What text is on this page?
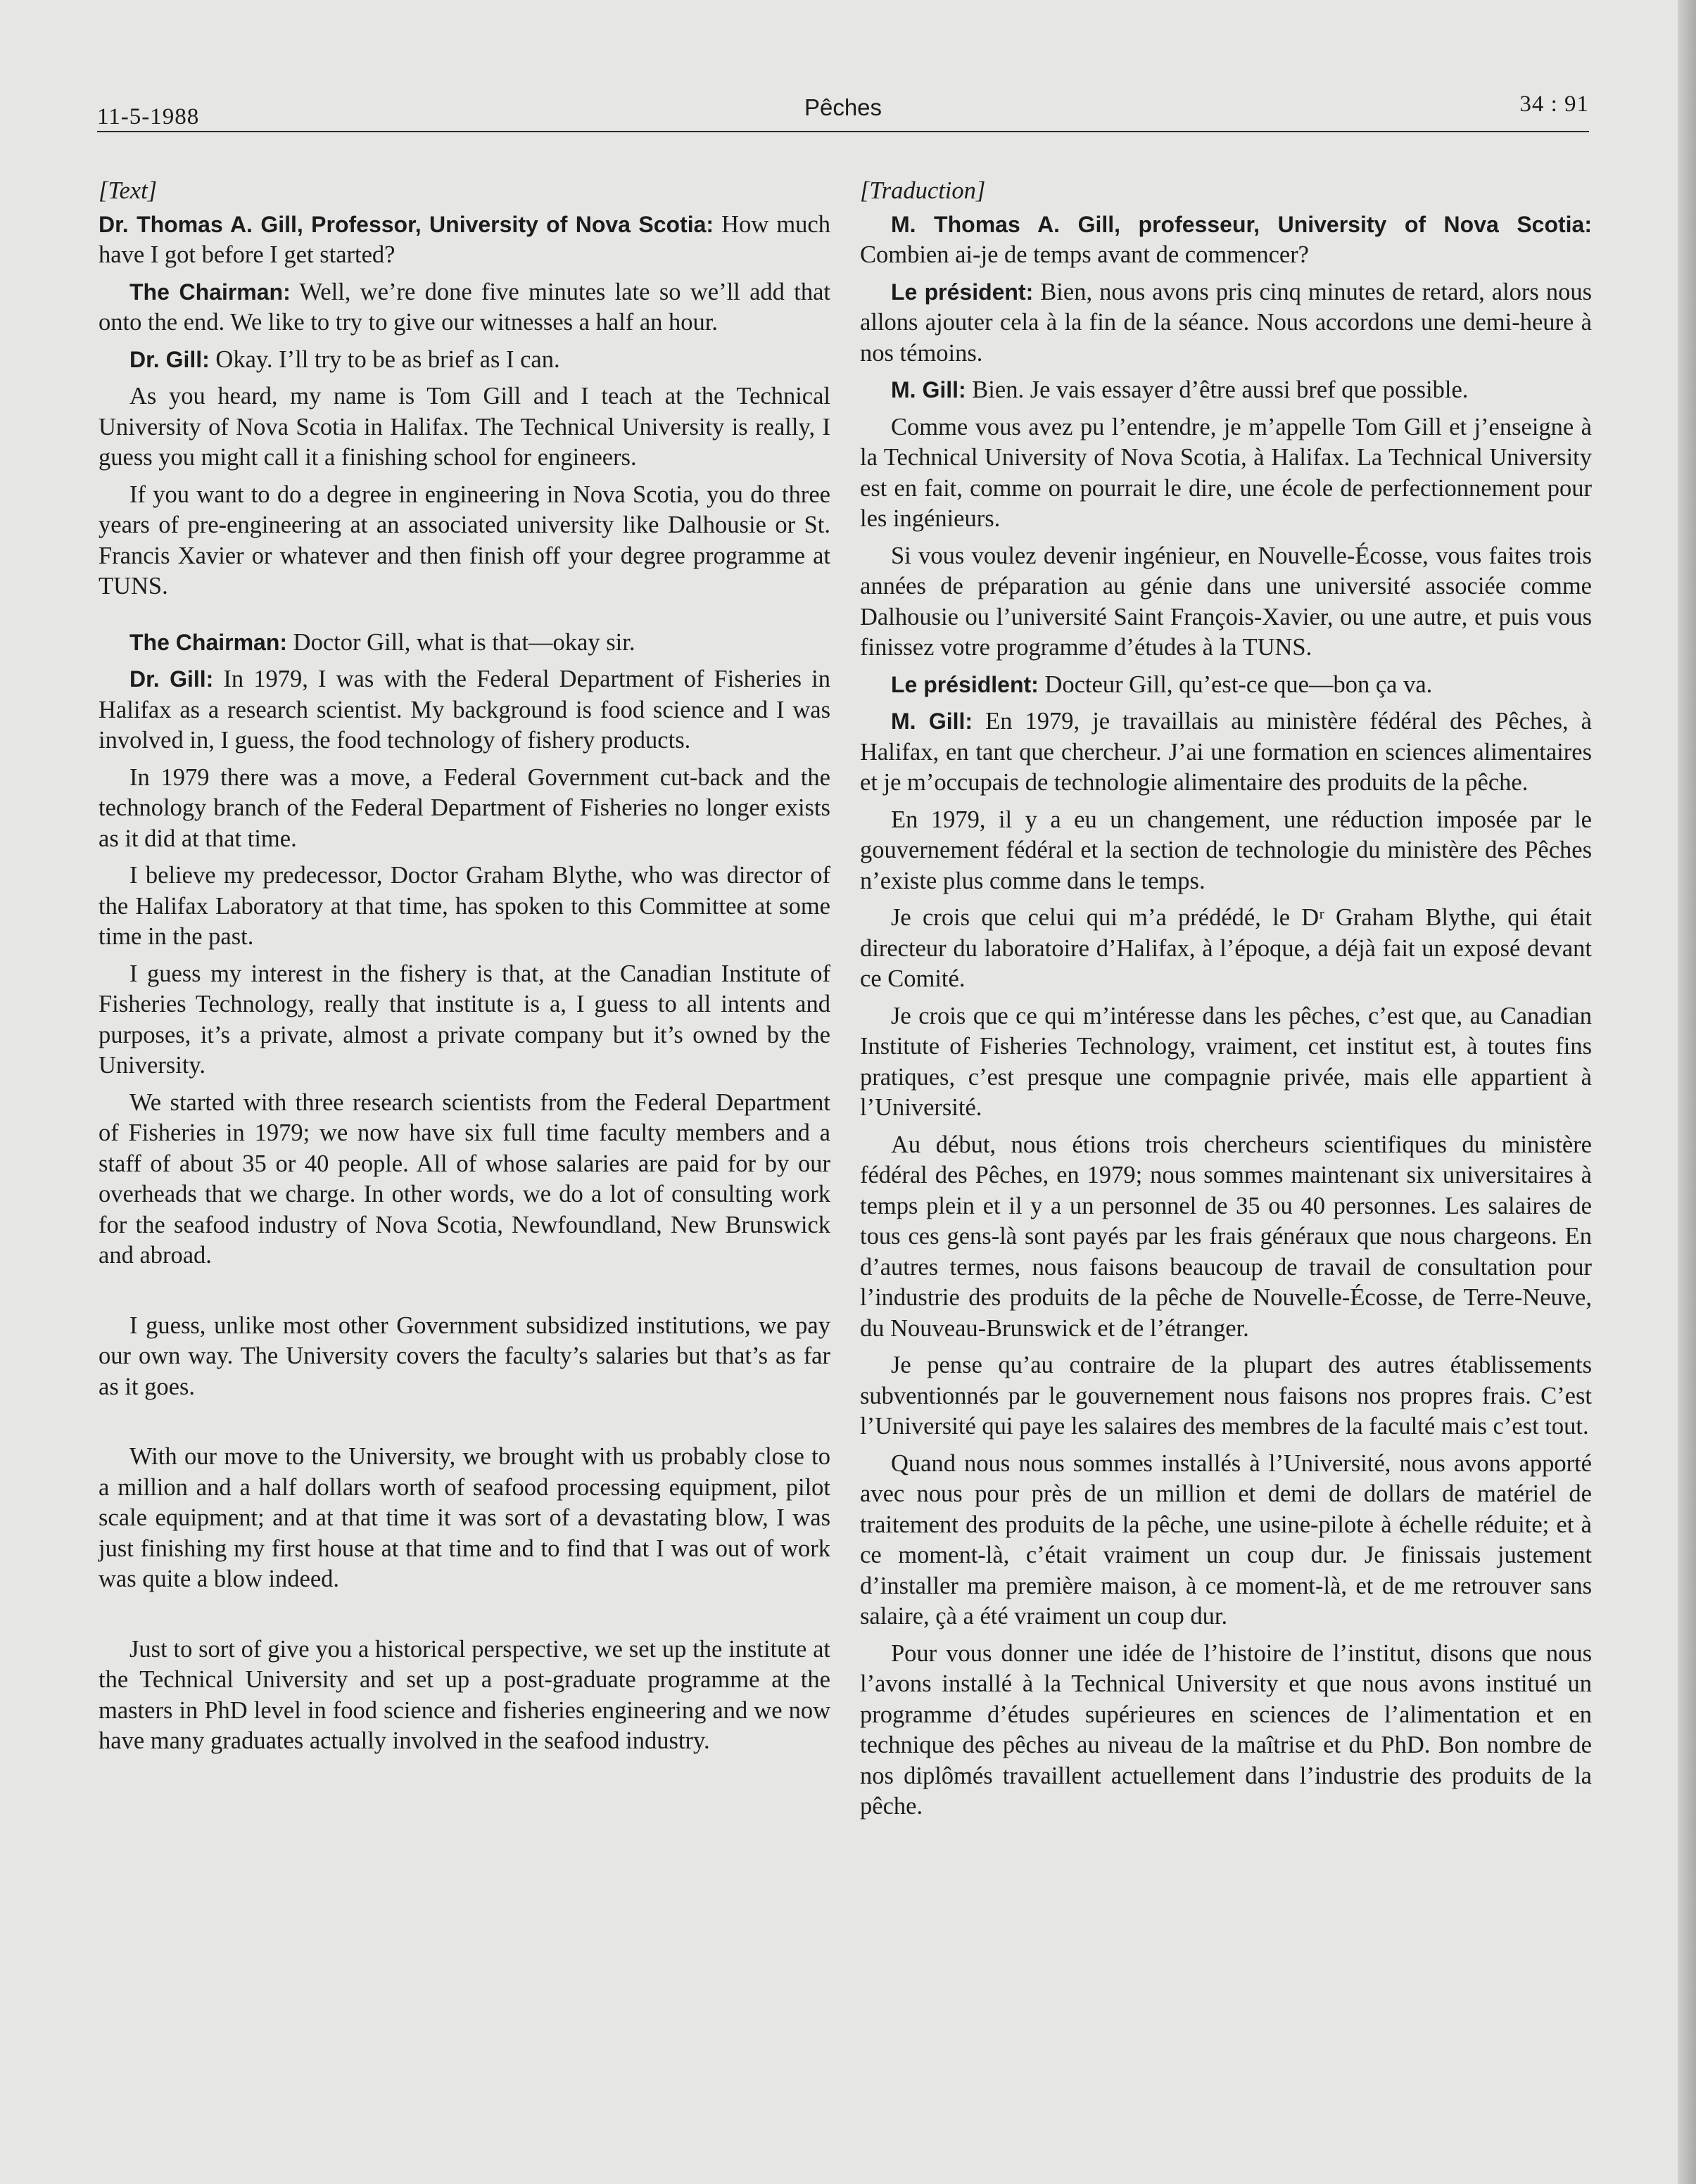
11-5-1988	Pêches	34 : 91

[Text]

Dr. Thomas A. Gill, Professor, University of Nova Scotia: How much have I got before I get started?

The Chairman: Well, we’re done five minutes late so we’ll add that onto the end. We like to try to give our witnesses a half an hour.

Dr. Gill: Okay. I’ll try to be as brief as I can.

As you heard, my name is Tom Gill and I teach at the Technical University of Nova Scotia in Halifax. The Technical University is really, I guess you might call it a finishing school for engineers.

If you want to do a degree in engineering in Nova Scotia, you do three years of pre-engineering at an associated university like Dalhousie or St. Francis Xavier or whatever and then finish off your degree programme at TUNS.

The Chairman: Doctor Gill, what is that—okay sir.

Dr. Gill: In 1979, I was with the Federal Department of Fisheries in Halifax as a research scientist. My background is food science and I was involved in, I guess, the food technology of fishery products.

In 1979 there was a move, a Federal Government cut-back and the technology branch of the Federal Department of Fisheries no longer exists as it did at that time.

I believe my predecessor, Doctor Graham Blythe, who was director of the Halifax Laboratory at that time, has spoken to this Committee at some time in the past.

I guess my interest in the fishery is that, at the Canadian Institute of Fisheries Technology, really that institute is a, I guess to all intents and purposes, it’s a private, almost a private company but it’s owned by the University.

We started with three research scientists from the Federal Department of Fisheries in 1979; we now have six full time faculty members and a staff of about 35 or 40 people. All of whose salaries are paid for by our overheads that we charge. In other words, we do a lot of consulting work for the seafood industry of Nova Scotia, Newfoundland, New Brunswick and abroad.

I guess, unlike most other Government subsidized institutions, we pay our own way. The University covers the faculty’s salaries but that’s as far as it goes.

With our move to the University, we brought with us probably close to a million and a half dollars worth of seafood processing equipment, pilot scale equipment; and at that time it was sort of a devastating blow, I was just finishing my first house at that time and to find that I was out of work was quite a blow indeed.

Just to sort of give you a historical perspective, we set up the institute at the Technical University and set up a post-graduate programme at the masters in PhD level in food science and fisheries engineering and we now have many graduates actually involved in the seafood industry.

[Traduction]

M. Thomas A. Gill, professeur, University of Nova Scotia: Combien ai-je de temps avant de commencer?

Le président: Bien, nous avons pris cinq minutes de retard, alors nous allons ajouter cela à la fin de la séance. Nous accordons une demi-heure à nos témoins.

M. Gill: Bien. Je vais essayer d’être aussi bref que possible.

Comme vous avez pu l’entendre, je m’appelle Tom Gill et j’enseigne à la Technical University of Nova Scotia, à Halifax. La Technical University est en fait, comme on pourrait le dire, une école de perfectionnement pour les ingénieurs.

Si vous voulez devenir ingénieur, en Nouvelle-Écosse, vous faites trois années de préparation au génie dans une université associée comme Dalhousie ou l’université Saint François-Xavier, ou une autre, et puis vous finissez votre programme d’études à la TUNS.

Le présidlent: Docteur Gill, qu’est-ce que—bon ça va.

M. Gill: En 1979, je travaillais au ministère fédéral des Pêches, à Halifax, en tant que chercheur. J’ai une formation en sciences alimentaires et je m’occupais de technologie alimentaire des produits de la pêche.

En 1979, il y a eu un changement, une réduction imposée par le gouvernement fédéral et la section de technologie du ministère des Pêches n’existe plus comme dans le temps.

Je crois que celui qui m’a prédédé, le Dʳ Graham Blythe, qui était directeur du laboratoire d’Halifax, à l’époque, a déjà fait un exposé devant ce Comité.

Je crois que ce qui m’intéresse dans les pêches, c’est que, au Canadian Institute of Fisheries Technology, vraiment, cet institut est, à toutes fins pratiques, c’est presque une compagnie privée, mais elle appartient à l’Université.

Au début, nous étions trois chercheurs scientifiques du ministère fédéral des Pêches, en 1979; nous sommes maintenant six universitaires à temps plein et il y a un personnel de 35 ou 40 personnes. Les salaires de tous ces gens-là sont payés par les frais généraux que nous chargeons. En d’autres termes, nous faisons beaucoup de travail de consultation pour l’industrie des produits de la pêche de Nouvelle-Écosse, de Terre-Neuve, du Nouveau-Brunswick et de l’étranger.

Je pense qu’au contraire de la plupart des autres établissements subventionnés par le gouvernement nous faisons nos propres frais. C’est l’Université qui paye les salaires des membres de la faculté mais c’est tout.

Quand nous nous sommes installés à l’Université, nous avons apporté avec nous pour près de un million et demi de dollars de matériel de traitement des produits de la pêche, une usine-pilote à échelle réduite; et à ce moment-là, c’était vraiment un coup dur. Je finissais justement d’installer ma première maison, à ce moment-là, et de me retrouver sans salaire, çà a été vraiment un coup dur.

Pour vous donner une idée de l’histoire de l’institut, disons que nous l’avons installé à la Technical University et que nous avons institué un programme d’études supérieures en sciences de l’alimentation et en technique des pêches au niveau de la maîtrise et du PhD. Bon nombre de nos diplômés travaillent actuellement dans l’industrie des produits de la pêche.
